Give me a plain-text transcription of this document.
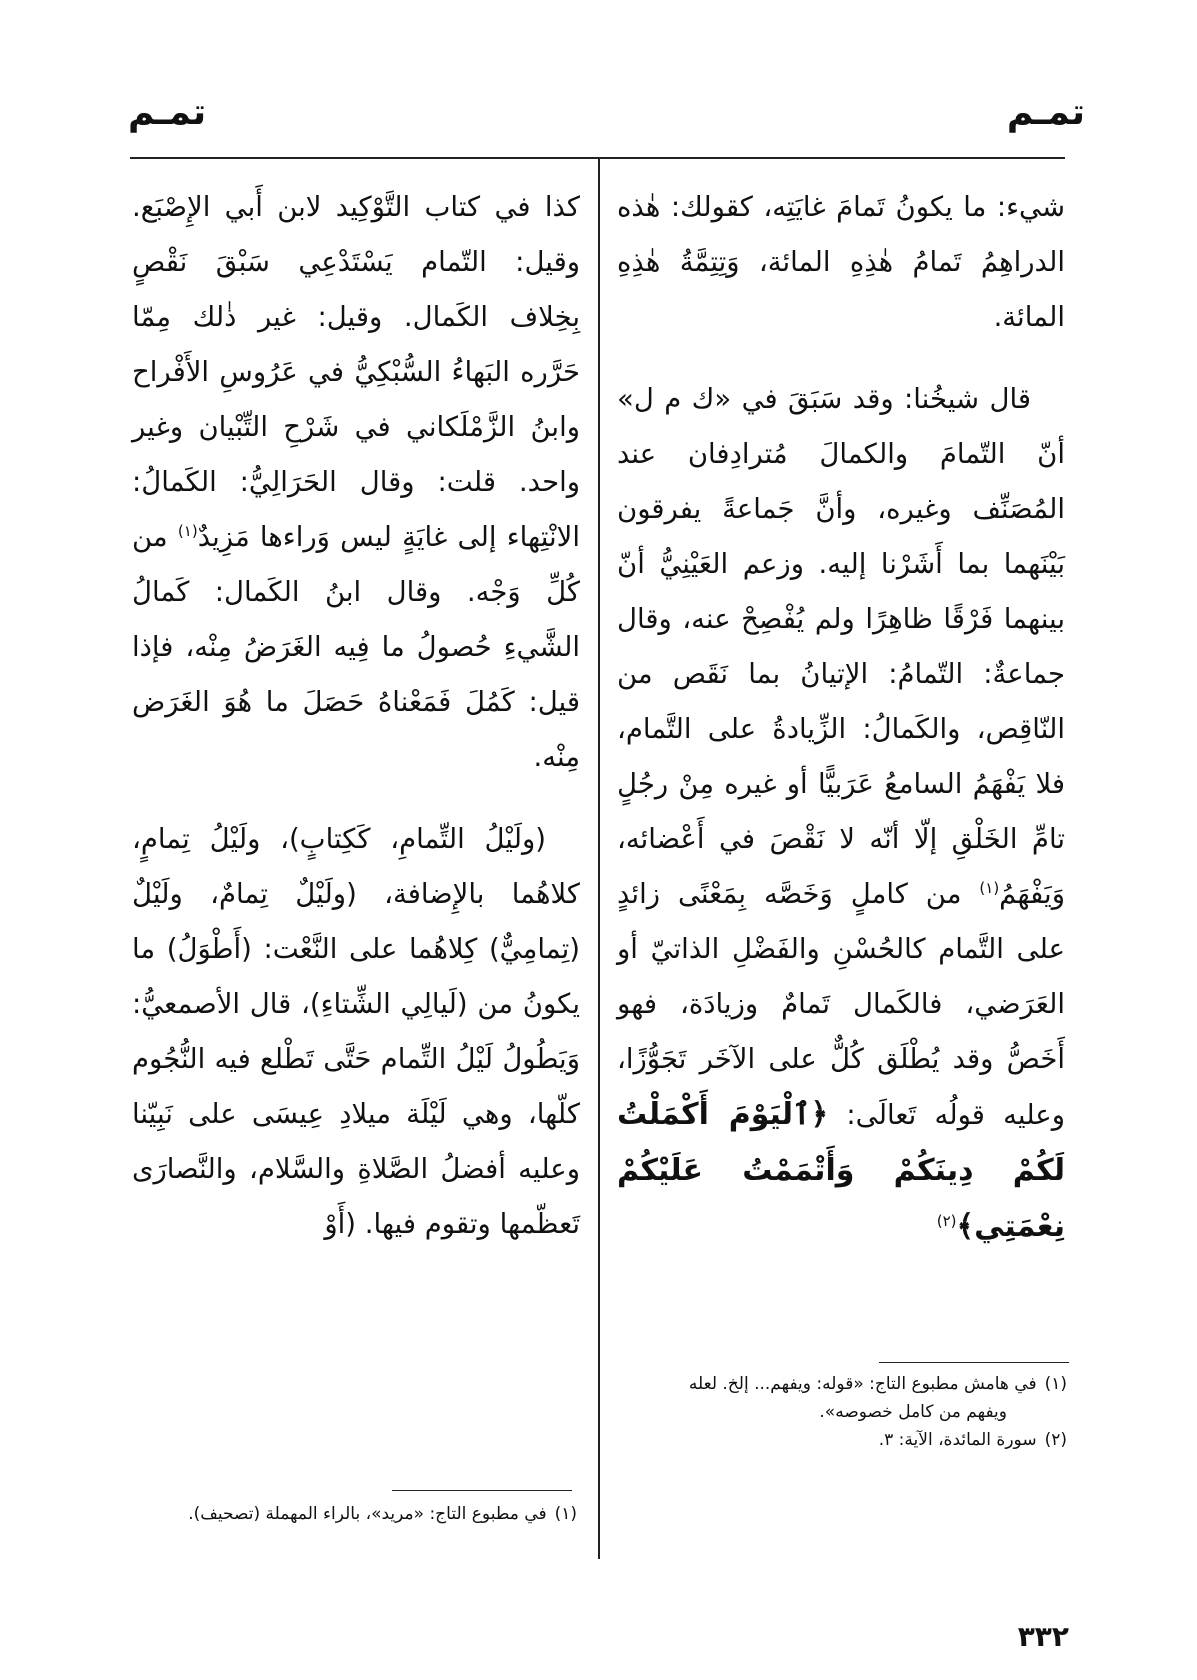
تمـم
تمـم

شيء: ما يكونُ تَمامَ غايَتِه، كقولك: هٰذه الدراهِمُ تَمامُ هٰذِهِ المائة، وَتِتِمَّةُ هٰذِهِ المائة.

قال شيخُنا: وقد سَبَقَ في «ك م ل» أنّ التّمامَ والكمالَ مُترادِفان عند المُصَنِّف وغيره، وأنَّ جَماعةً يفرقون بَيْنَهما بما أَشَرْنا إليه. وزعم العَيْنِيُّ أنّ بينهما فَرْقًا ظاهِرًا ولم يُفْصِحْ عنه، وقال جماعةٌ: التّمامُ: الإتيانُ بما نَقَص من النّاقِص، والكَمالُ: الزِّيادةُ على التَّمام، فلا يَفْهَمُ السامعُ عَرَبيًّا أو غيره مِنْ رجُلٍ تامِّ الخَلْقِ إلّا أنّه لا نَقْصَ في أَعْضائه، وَيَفْهَمُ$^{(١)}$ من كاملٍ وَخَصَّه بِمَعْنًى زائدٍ على التَّمام كالحُسْنِ والفَضْلِ الذاتيّ أو العَرَضي، فالكَمال تَمامٌ وزيادَة، فهو أَخَصُّ وقد يُطْلَق كُلٌّ على الآخَر تَجَوُّزًا، وعليه قولُه تَعالَى: ﴿ٱلْيَوْمَ أَكْمَلْتُ لَكُمْ دِينَكُمْ وَأَتْمَمْتُ عَلَيْكُمْ نِعْمَتِي﴾$^{(٢)}$

كذا في كتاب التَّوْكِيد لابن أَبي الإِصْبَع. وقيل: التّمام يَسْتَدْعِي سَبْقَ نَقْصٍ بِخِلاف الكَمال. وقيل: غير ذٰلك مِمّا حَرَّره البَهاءُ السُّبْكِيُّ في عَرُوسِ الأَفْراح وابنُ الزَّمْلَكاني في شَرْحِ التِّبْيان وغير واحد. قلت: وقال الحَرَالِيُّ: الكَمالُ: الانْتِهاء إلى غايَةٍ ليس وَراءها مَزِيدٌ$^{(١)}$ من كُلِّ وَجْه. وقال ابنُ الكَمال: كَمالُ الشَّيءِ حُصولُ ما فِيه الغَرَضُ مِنْه، فإذا قيل: كَمُلَ فَمَعْناهُ حَصَلَ ما هُوَ الغَرَض مِنْه.

(ولَيْلُ التِّمامِ، كَكِتابٍ)، ولَيْلُ تِمامٍ، كلاهُما بالإِضافة، (ولَيْلٌ تِمامٌ، ولَيْلٌ (تِمامِيٌّ) كِلاهُما على النَّعْت: (أَطْوَلُ) ما يكونُ من (لَيالِي الشِّتاءِ)، قال الأصمعيُّ: وَيَطُولُ لَيْلُ التِّمام حَتَّى تَطْلع فيه النُّجُوم كلّها، وهي لَيْلَة ميلادِ عِيسَى على نَبِيّنا وعليه أفضلُ الصَّلاةِ والسَّلام، والنَّصارَى تَعظّمها وتقوم فيها. (أَوْ

(١)في هامش مطبوع التاج: «قوله: ويفهم... إلخ. لعله
ويفهم من كامل خصوصه».
(٢)سورة المائدة، الآية: ٣.
(١)في مطبوع التاج: «مريد»، بالراء المهملة (تصحيف).
٣٣٢
